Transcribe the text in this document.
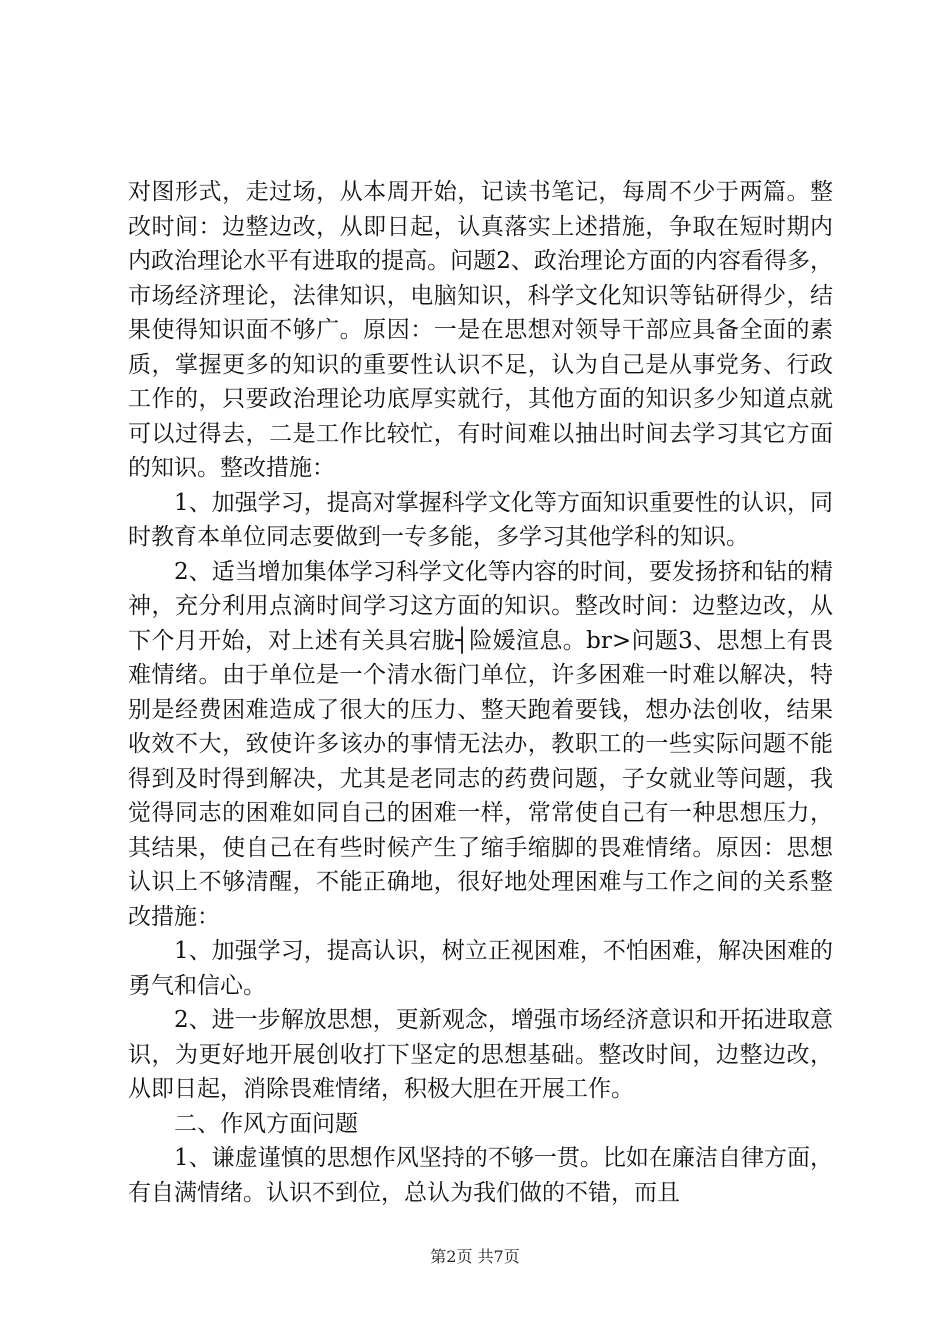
对图形式，走过场，从本周开始，记读书笔记，每周不少于两篇。整改时间：边整边改，从即日起，认真落实上述措施，争取在短时期内内政治理论水平有进取的提高。问题2、政治理论方面的内容看得多，市场经济理论，法律知识，电脑知识，科学文化知识等钻研得少，结果使得知识面不够广。原因：一是在思想对领导干部应具备全面的素质，掌握更多的知识的重要性认识不足，认为自己是从事党务、行政工作的，只要政治理论功底厚实就行，其他方面的知识多少知道点就可以过得去，二是工作比较忙，有时间难以抽出时间去学习其它方面的知识。整改措施：

1、加强学习，提高对掌握科学文化等方面知识重要性的认识，同时教育本单位同志要做到一专多能，多学习其他学科的知识。

2、适当增加集体学习科学文化等内容的时间，要发扬挤和钻的精神，充分利用点滴时间学习这方面的知识。整改时间：边整边改，从下个月开始，对上述有关具宕胧┤险媛渲息。br>问题3、思想上有畏难情绪。由于单位是一个清水衙门单位，许多困难一时难以解决，特别是经费困难造成了很大的压力、整天跑着要钱，想办法创收，结果收效不大，致使许多该办的事情无法办，教职工的一些实际问题不能得到及时得到解决，尤其是老同志的药费问题，子女就业等问题，我觉得同志的困难如同自己的困难一样，常常使自己有一种思想压力，其结果，使自己在有些时候产生了缩手缩脚的畏难情绪。原因：思想认识上不够清醒，不能正确地，很好地处理困难与工作之间的关系整改措施：

1、加强学习，提高认识，树立正视困难，不怕困难，解决困难的勇气和信心。

2、进一步解放思想，更新观念，增强市场经济意识和开拓进取意识，为更好地开展创收打下坚定的思想基础。整改时间，边整边改，从即日起，消除畏难情绪，积极大胆在开展工作。

二、作风方面问题

1、谦虚谨慎的思想作风坚持的不够一贯。比如在廉洁自律方面，有自满情绪。认识不到位，总认为我们做的不错，而且

第2页 共7页
